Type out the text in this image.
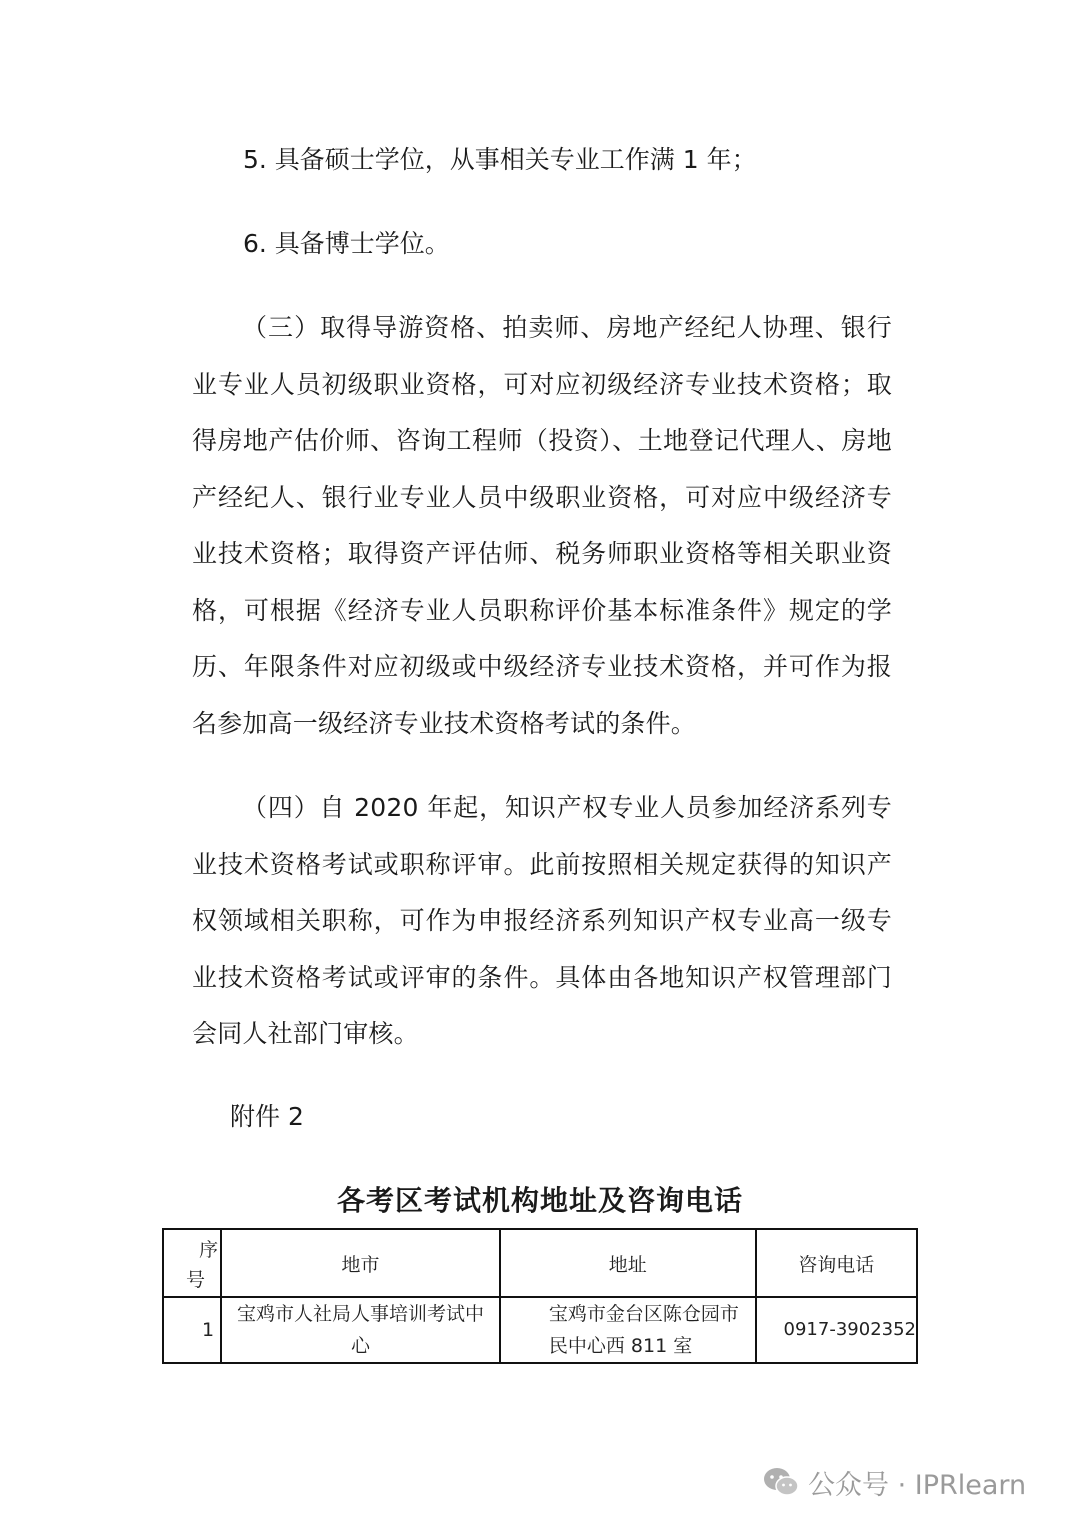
5. 具备硕士学位，从事相关专业工作满 1 年；

6. 具备博士学位。

（三）取得导游资格、拍卖师、房地产经纪人协理、银行业专业人员初级职业资格，可对应初级经济专业技术资格；取得房地产估价师、咨询工程师（投资）、土地登记代理人、房地产经纪人、银行业专业人员中级职业资格，可对应中级经济专业技术资格；取得资产评估师、税务师职业资格等相关职业资格，可根据《经济专业人员职称评价基本标准条件》规定的学历、年限条件对应初级或中级经济专业技术资格，并可作为报名参加高一级经济专业技术资格考试的条件。

（四）自 2020 年起，知识产权专业人员参加经济系列专业技术资格考试或职称评审。此前按照相关规定获得的知识产权领域相关职称，可作为申报经济系列知识产权专业高一级专业技术资格考试或评审的条件。具体由各地知识产权管理部门会同人社部门审核。

附件 2

各考区考试机构地址及咨询电话
序
号	地市	地址	咨询电话
1	宝鸡市人社局人事培训考试中心	宝鸡市金台区陈仓园市民中心西 811 室	0917-3902352
公众号 · IPRlearn
